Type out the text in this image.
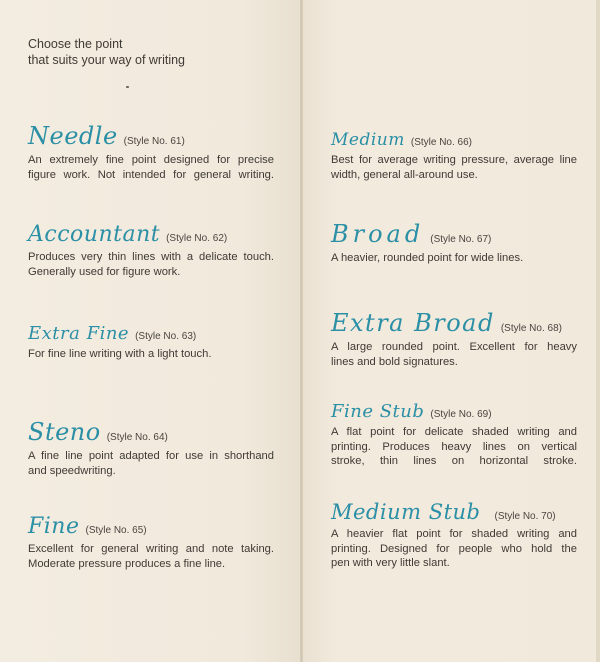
Choose the point
that suits your way of writing
Needle (Style No. 61)
An extremely fine point designed for precise
figure work. Not intended for general writing.
Accountant (Style No. 62)
Produces very thin lines with a delicate touch.
Generally used for figure work.
Extra Fine (Style No. 63)
For fine line writing with a light touch.
Steno (Style No. 64)
A fine line point adapted for use in shorthand
and speedwriting.
Fine (Style No. 65)
Excellent for general writing and note taking.
Moderate pressure produces a fine line.
Medium (Style No. 66)
Best for average writing pressure, average line
width, general all-around use.
Broad (Style No. 67)
A heavier, rounded point for wide lines.
Extra Broad (Style No. 68)
A large rounded point. Excellent for heavy
lines and bold signatures.
Fine Stub (Style No. 69)
A flat point for delicate shaded writing and
printing. Produces heavy lines on vertical
stroke, thin lines on horizontal stroke.
Medium Stub (Style No. 70)
A heavier flat point for shaded writing and
printing. Designed for people who hold the
pen with very little slant.
